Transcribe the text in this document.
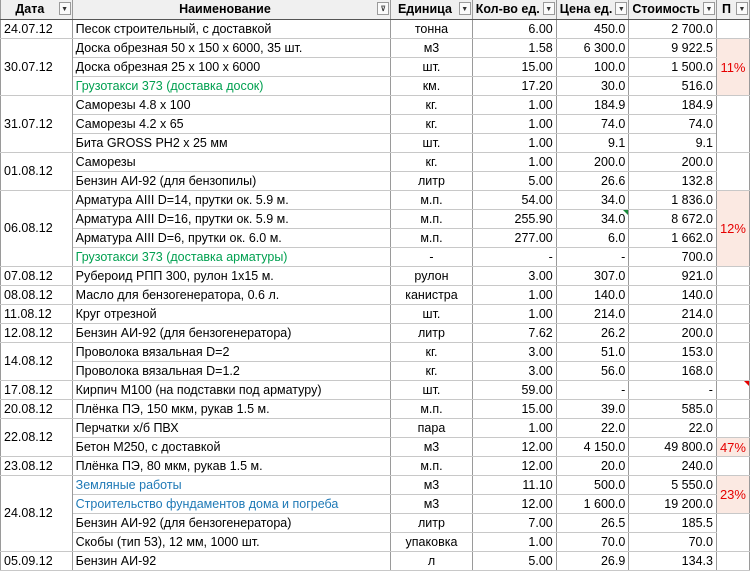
Дата ▼	Наименование ⊽	Единица ▼	Кол-во ед. ▼	Цена ед. ▼	Стоимость ▼	П ▼

24.07.12	Песок строительный, с доставкой	тонна	6.00	450.0	2 700.0	
30.07.12	Доска обрезная 50 х 150 х 6000, 35 шт.	м3	1.58	6 300.0	9 922.5	11%
	Доска обрезная 25 х 100 х 6000	шт.	15.00	100.0	1 500.0	
	Грузотакси 373 (доставка досок)	км.	17.20	30.0	516.0	
31.07.12	Саморезы 4.8 х 100	кг.	1.00	184.9	184.9	
	Саморезы 4.2 х 65	кг.	1.00	74.0	74.0	
	Бита GROSS PH2 х 25 мм	шт.	1.00	9.1	9.1	
01.08.12	Саморезы	кг.	1.00	200.0	200.0	
	Бензин АИ-92 (для бензопилы)	литр	5.00	26.6	132.8	
06.08.12	Арматура AIII D=14, прутки ок. 5.9 м.	м.п.	54.00	34.0	1 836.0	12%
	Арматура AIII D=16, прутки ок. 5.9 м.	м.п.	255.90	34.0	8 672.0	
	Арматура AIII D=6, прутки ок. 6.0 м.	м.п.	277.00	6.0	1 662.0	
	Грузотакси 373 (доставка арматуры)	-	-	-	700.0	
07.08.12	Рубероид РПП 300, рулон 1х15 м.	рулон	3.00	307.0	921.0	
08.08.12	Масло для бензогенератора, 0.6 л.	канистра	1.00	140.0	140.0	
11.08.12	Круг отрезной	шт.	1.00	214.0	214.0	
12.08.12	Бензин АИ-92 (для бензогенератора)	литр	7.62	26.2	200.0	
14.08.12	Проволока вязальная D=2	кг.	3.00	51.0	153.0	
	Проволока вязальная D=1.2	кг.	3.00	56.0	168.0	
17.08.12	Кирпич М100 (на подставки под арматуру)	шт.	59.00	-	-	
20.08.12	Плёнка ПЭ, 150 мкм, рукав 1.5 м.	м.п.	15.00	39.0	585.0	
22.08.12	Перчатки х/б ПВХ	пара	1.00	22.0	22.0	
	Бетон М250, с доставкой	м3	12.00	4 150.0	49 800.0	47%
23.08.12	Плёнка ПЭ, 80 мкм, рукав 1.5 м.	м.п.	12.00	20.0	240.0	
24.08.12	Земляные работы	м3	11.10	500.0	5 550.0	23%
	Строительство фундаментов дома и погреба	м3	12.00	1 600.0	19 200.0	
	Бензин АИ-92 (для бензогенератора)	литр	7.00	26.5	185.5	
	Скобы (тип 53), 12 мм, 1000 шт.	упаковка	1.00	70.0	70.0	
05.09.12	Бензин АИ-92	л	5.00	26.9	134.3	
